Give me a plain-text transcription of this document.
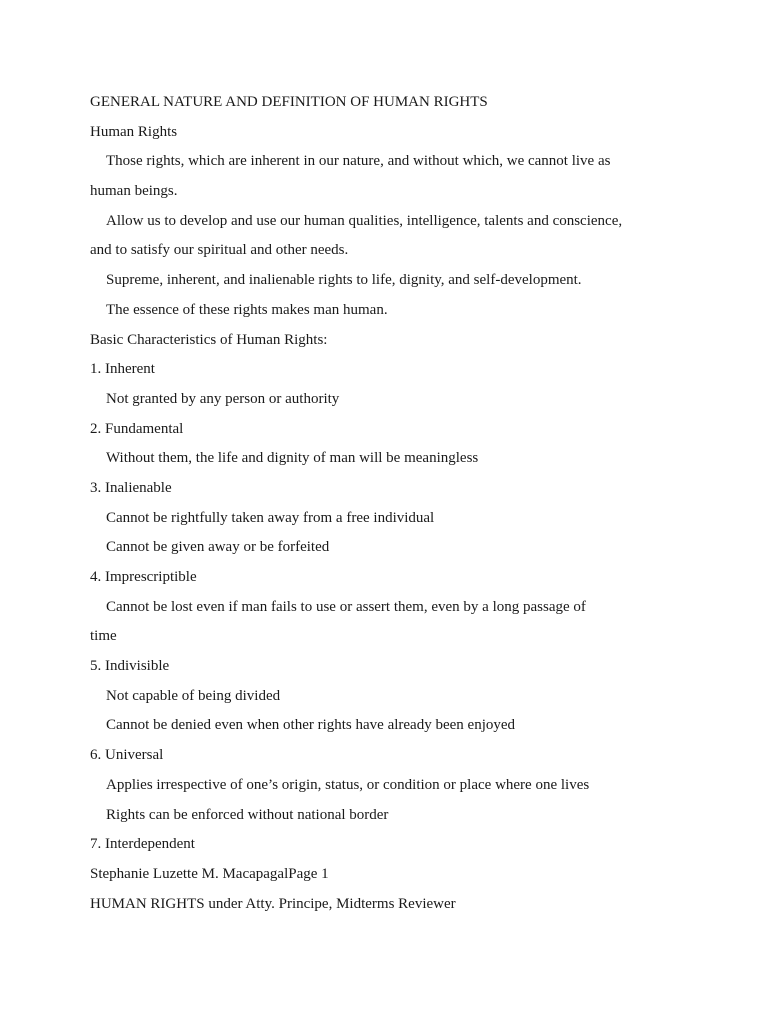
GENERAL NATURE AND DEFINITION OF HUMAN RIGHTS
Human Rights
Those rights, which are inherent in our nature, and without which, we cannot live as
human beings.
Allow us to develop and use our human qualities, intelligence, talents and conscience,
and to satisfy our spiritual and other needs.
Supreme, inherent, and inalienable rights to life, dignity, and self-development.
The essence of these rights makes man human.
Basic Characteristics of Human Rights:
1. Inherent
Not granted by any person or authority
2. Fundamental
Without them, the life and dignity of man will be meaningless
3. Inalienable
Cannot be rightfully taken away from a free individual
Cannot be given away or be forfeited
4. Imprescriptible
Cannot be lost even if man fails to use or assert them, even by a long passage of
time
5. Indivisible
Not capable of being divided
Cannot be denied even when other rights have already been enjoyed
6. Universal
Applies irrespective of one’s origin, status, or condition or place where one lives
Rights can be enforced without national border
7. Interdependent
Stephanie Luzette M. MacapagalPage 1
HUMAN RIGHTS under Atty. Principe, Midterms Reviewer
